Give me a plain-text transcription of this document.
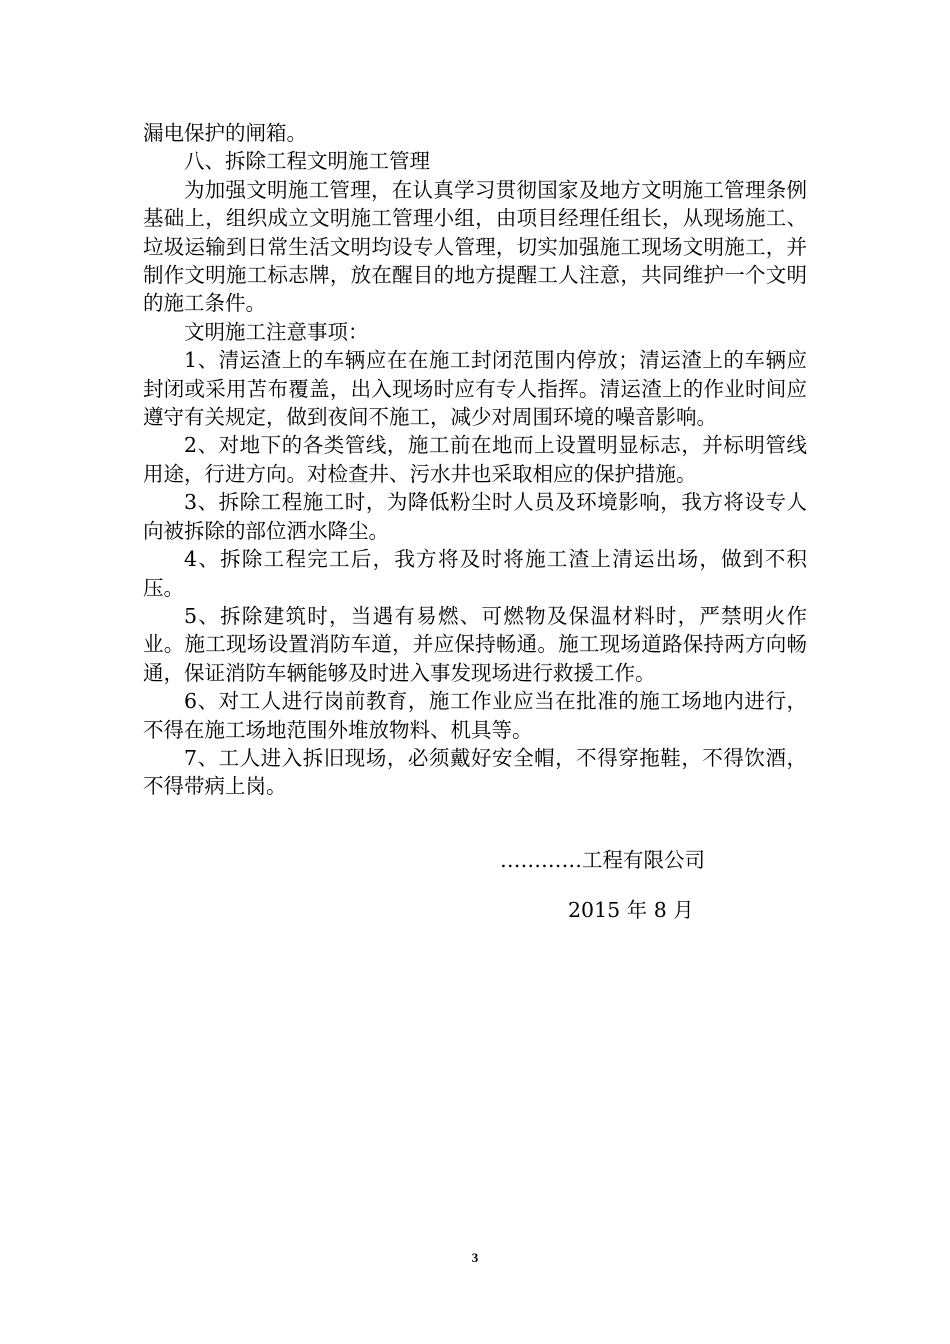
漏电保护的闸箱。

八、拆除工程文明施工管理

为加强文明施工管理，在认真学习贯彻国家及地方文明施工管理条例基础上，组织成立文明施工管理小组，由项目经理任组长，从现场施工、垃圾运输到日常生活文明均设专人管理，切实加强施工现场文明施工，并制作文明施工标志牌，放在醒目的地方提醒工人注意，共同维护一个文明的施工条件。

文明施工注意事项：

1、清运渣上的车辆应在在施工封闭范围内停放；清运渣上的车辆应封闭或采用苫布覆盖，出入现场时应有专人指挥。清运渣上的作业时间应遵守有关规定，做到夜间不施工，减少对周围环境的噪音影响。

2、对地下的各类管线，施工前在地而上设置明显标志，并标明管线用途，行进方向。对检查井、污水井也采取相应的保护措施。

3、拆除工程施工时，为降低粉尘时人员及环境影响，我方将设专人向被拆除的部位洒水降尘。

4、拆除工程完工后，我方将及时将施工渣上清运出场，做到不积压。

5、拆除建筑时，当遇有易燃、可燃物及保温材料时，严禁明火作业。施工现场设置消防车道，并应保持畅通。施工现场道路保持两方向畅通，保证消防车辆能够及时进入事发现场进行救援工作。

6、对工人进行岗前教育，施工作业应当在批准的施工场地内进行，不得在施工场地范围外堆放物料、机具等。

7、工人进入拆旧现场，必须戴好安全帽，不得穿拖鞋，不得饮酒，不得带病上岗。

…………工程有限公司
2015 年 8 月
3
